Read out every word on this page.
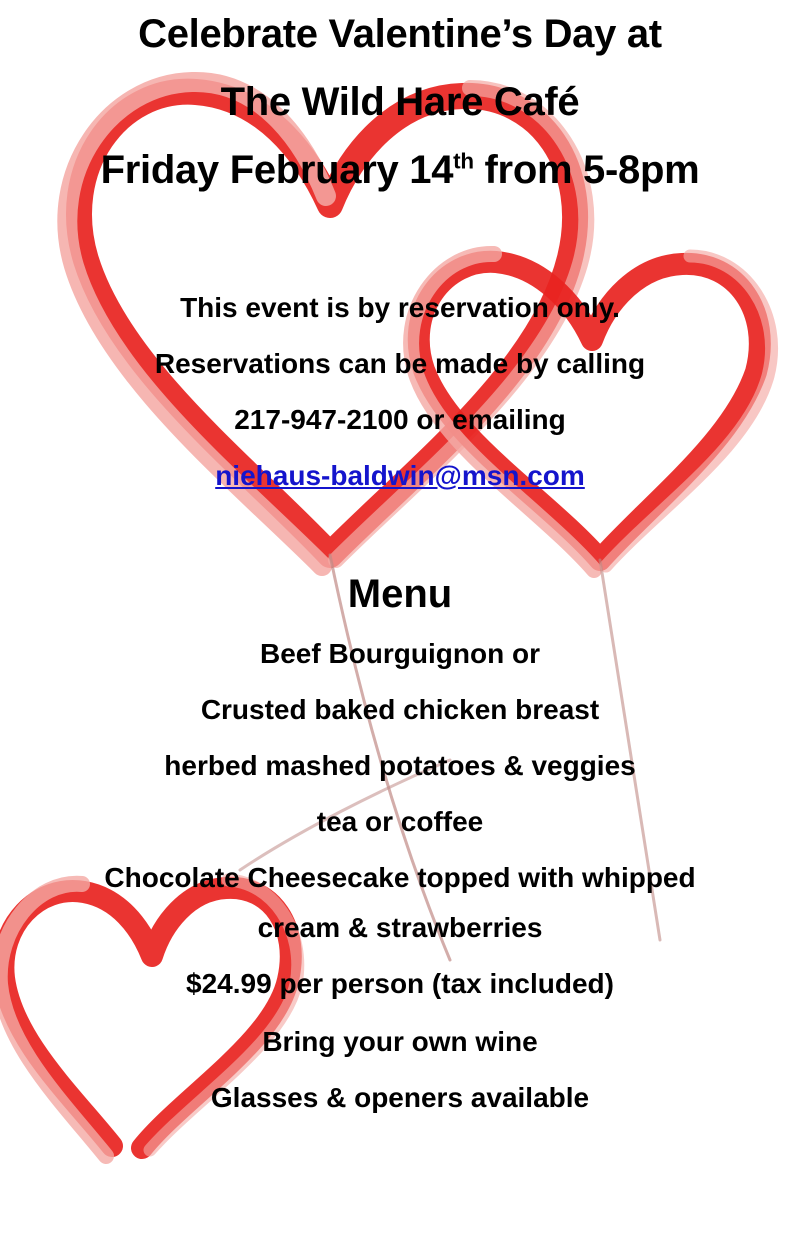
Celebrate Valentine’s Day at
The Wild Hare Café
Friday February 14th from 5-8pm
This event is by reservation only.
Reservations can be made by calling
217-947-2100 or emailing
niehaus-baldwin@msn.com
Menu
Beef Bourguignon or
Crusted baked chicken breast
herbed mashed potatoes & veggies
tea or coffee
Chocolate Cheesecake topped with whipped
cream & strawberries
$24.99 per person (tax included)
Bring your own wine
Glasses & openers available
